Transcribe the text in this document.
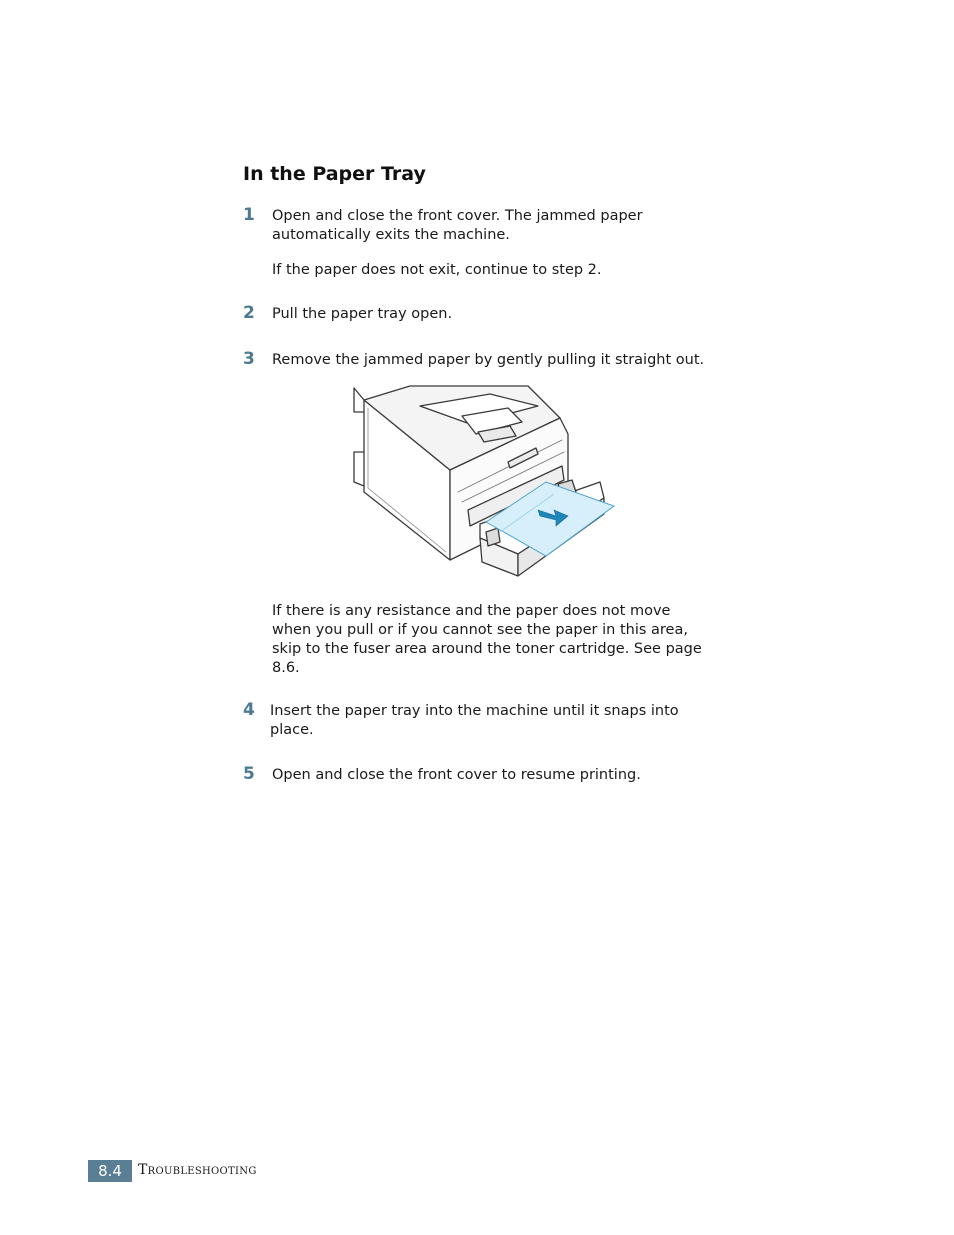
In the Paper Tray
1 Open and close the front cover. The jammed paper automatically exits the machine.

If the paper does not exit, continue to step 2.

2 Pull the paper tray open.

3 Remove the jammed paper by gently pulling it straight out.

If there is any resistance and the paper does not move when you pull or if you cannot see the paper in this area, skip to the fuser area around the toner cartridge. See page 8.6.

4 Insert the paper tray into the machine until it snaps into place.

5 Open and close the front cover to resume printing.

8.4	Troubleshooting
